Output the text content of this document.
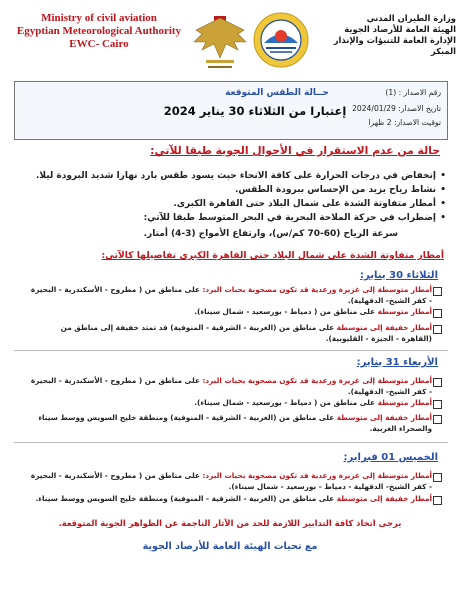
Ministry of civil aviation
Egyptian Meteorological Authority
EWC- Cairo
وزارة الطيران المدني
الهيئة العامة للأرصاد الجوية
الإدارة العامة للتنبؤات والإنذار المبكر
حــالة الطقس المتوقعة
إعتبارا من الثلاثاء 30 يناير 2024
رقم الاصدار : (1)
تاريخ الاصدار: 2024/01/29
توقيت الاصدار: 2 ظهرا
حالة من عدم الاستقرار في الأحوال الجوية طبقا للآتي:
•
إنخفاض في درجات الحرارة على كافة الانحاء حيث يسود طقس بارد نهارا شديد البرودة ليلا.
•
نشاط رياح يزيد من الإحساس ببرودة الطقس.
•
أمطار متفاوتة الشدة على شمال البلاد حتى القاهرة الكبرى.
•
إضطراب في حركة الملاحة البحرية في البحر المتوسط طبقا للآتي:
سرعة الرياح (60-70 كم/س)، وارتفاع الأمواج (3-4) أمتار.
أمطار متفاوتة الشدة على شمال البلاد حتى القاهرة الكبرى تفاصيلها كالآتي:
الثلاثاء 30 يناير:
أمطار متوسطة إلى غزيرة ورعدية قد تكون مصحوبة بحبات البرد: على مناطق من ( مطروح - الأسكندرية - البحيرة
- كفر الشيخ- الدقهلية).
أمطار متوسطة على مناطق من ( دمياط - بورسعيد - شمال سيناء).
أمطار خفيفة إلى متوسطة على مناطق من (الغربية - الشرقية - المنوفية) قد تمتد خفيفة إلى مناطق من
(القاهرة - الجيزة - القليوبية).
الأربعاء 31 يناير:
أمطار متوسطة إلى غزيرة ورعدية قد تكون مصحوبة بحبات البرد: على مناطق من ( مطروح - الأسكندرية - البحيرة
- كفر الشيخ- الدقهلية).
أمطار متوسطة على مناطق من ( دمياط - بورسعيد - شمال سيناء).
أمطار خفيفة إلى متوسطة على مناطق من (الغربية - الشرقية - المنوفية) ومنطقة خليج السويس ووسط سيناء
والصحراء الغربية.
الخميس 01 فبراير:
أمطار متوسطة إلى غزيرة ورعدية قد تكون مصحوبة بحبات البرد: على مناطق من ( مطروح - الأسكندرية - البحيرة
- كفر الشيخ- الدقهلية - دمياط - بورسعيد - شمال سيناء).
أمطار خفيفة إلى متوسطة على مناطق من (الغربية - الشرقية - المنوفية) ومنطقة خليج السويس ووسط سيناء.
يرجى اتخاذ كافة التدابير اللازمة للحد من الآثار الناجمة عن الظواهر الجوية المتوقعة.
مع تحيات الهيئة العامة للأرصاد الجوية
